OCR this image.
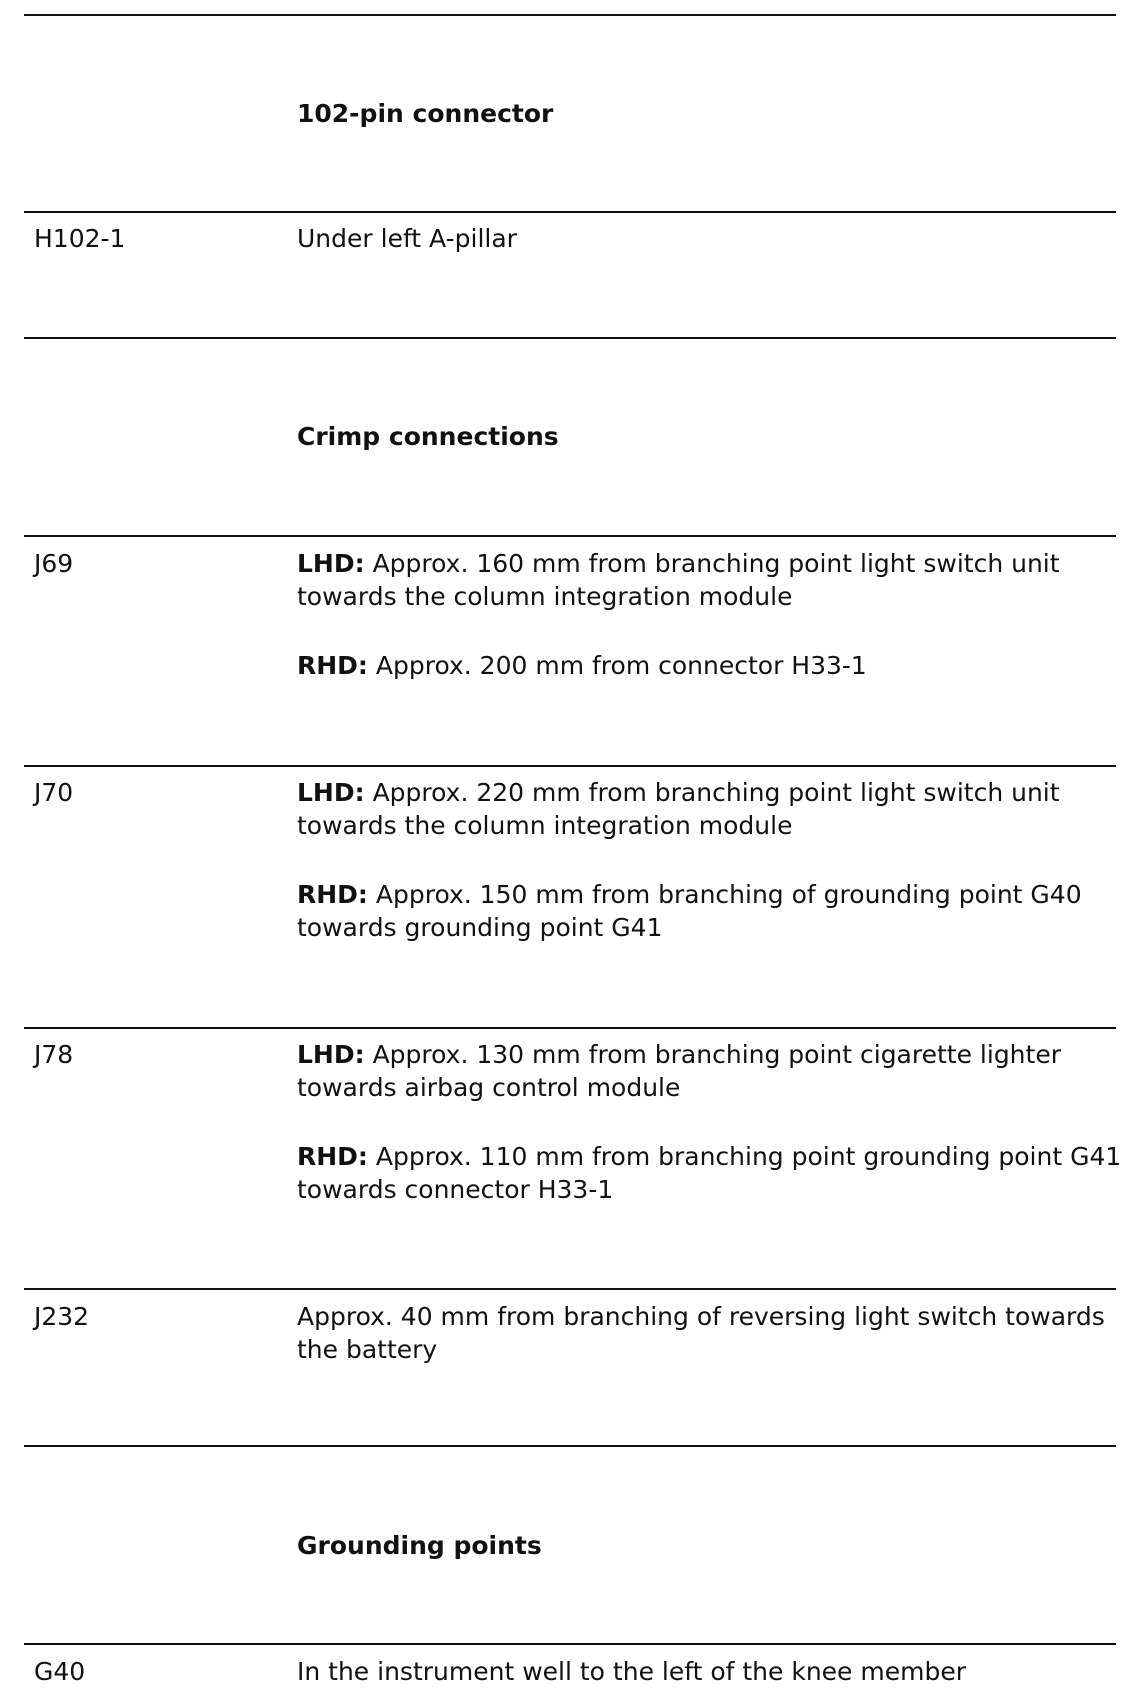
102-pin connector
H102-1	Under left A-pillar

Crimp connections
J69	LHD: Approx. 160 mm from branching point light switch unit towards the column integration module

RHD: Approx. 200 mm from connector H33-1

J70	LHD: Approx. 220 mm from branching point light switch unit towards the column integration module

RHD: Approx. 150 mm from branching of grounding point G40 towards grounding point G41

J78	LHD: Approx. 130 mm from branching point cigarette lighter towards airbag control module

RHD: Approx. 110 mm from branching point grounding point G41 towards connector H33-1

J232	Approx. 40 mm from branching of reversing light switch towards the battery

Grounding points
G40	In the instrument well to the left of the knee member
